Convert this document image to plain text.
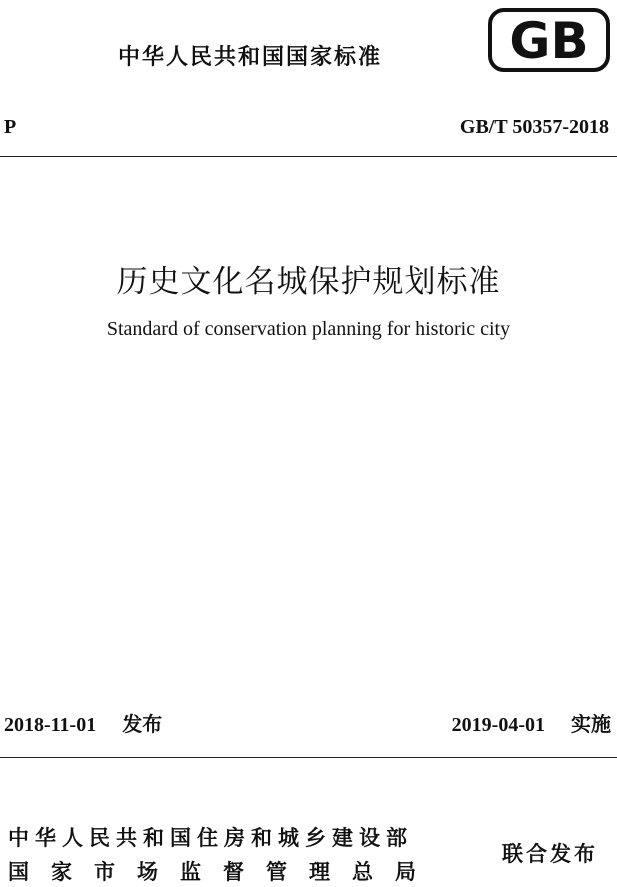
中华人民共和国国家标准	GB
P	GB/T 50357-2018
历史文化名城保护规划标准
Standard of conservation planning for historic city
2018-11-01 发布	2019-04-01 实施
中华人民共和国住房和城乡建设部
国家市场监督管理总局
联合发布
